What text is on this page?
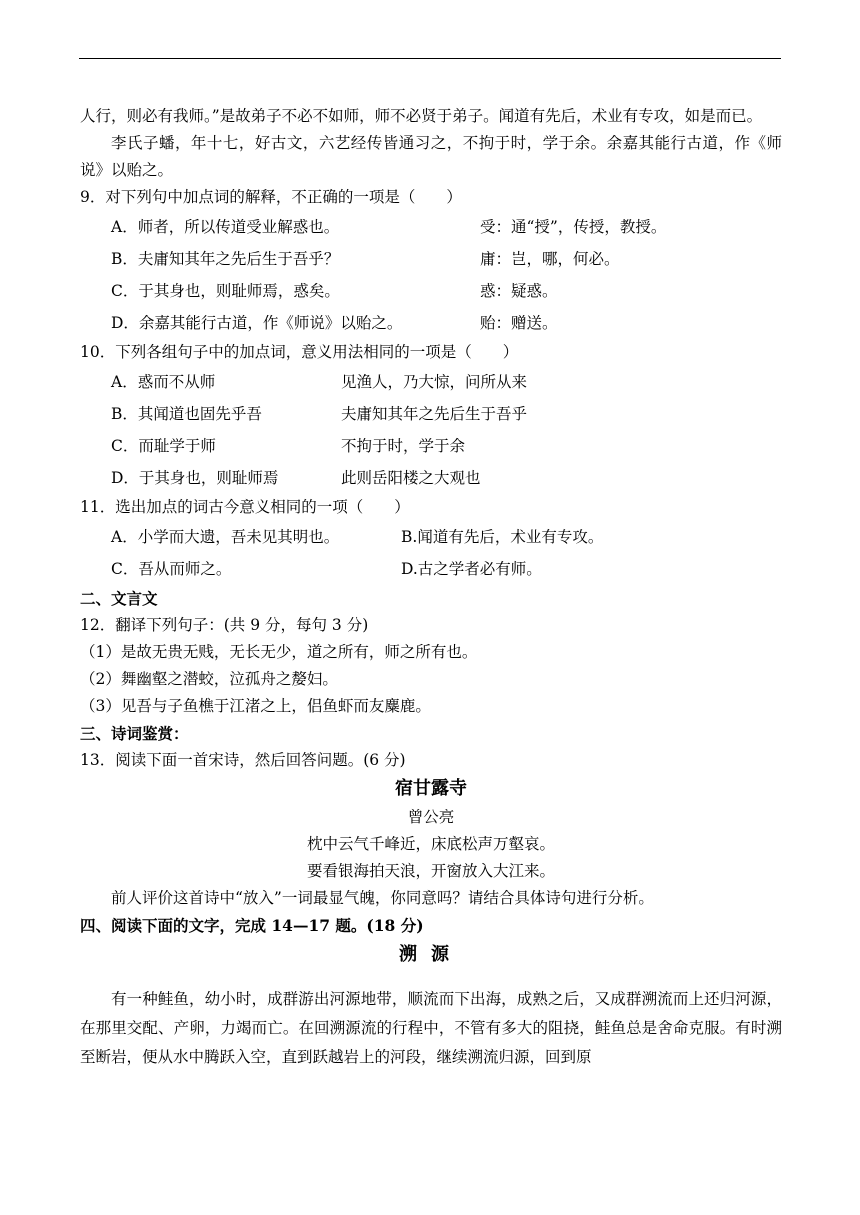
人行，则必有我师。”是故弟子不必不如师，师不必贤于弟子。闻道有先后，术业有专攻，如是而已。

李氏子蟠，年十七，好古文，六艺经传皆通习之，不拘于时，学于余。余嘉其能行古道，作《师说》以贻之。

9．对下列句中加点词的解释，不正确的一项是（　　）
A．师者，所以传道受业解惑也。	受：通“授”，传授，教授。
B．夫庸知其年之先后生于吾乎？	庸：岂，哪，何必。
C．于其身也，则耻师焉，惑矣。	惑：疑惑。
D．余嘉其能行古道，作《师说》以贻之。	贻：赠送。
10．下列各组句子中的加点词，意义用法相同的一项是（　　）
A．惑而不从师	见渔人，乃大惊，问所从来
B．其闻道也固先乎吾	夫庸知其年之先后生于吾乎
C．而耻学于师	不拘于时，学于余
D．于其身也，则耻师焉	此则岳阳楼之大观也
11．选出加点的词古今意义相同的一项（　　）
A．小学而大遗，吾未见其明也。	B.闻道有先后，术业有专攻。
C．吾从而师之。	D.古之学者必有师。
二、文言文
12．翻译下列句子：(共 9 分，每句 3 分)
（1）是故无贵无贱，无长无少，道之所有，师之所有也。
（2）舞幽壑之潜蛟，泣孤舟之嫠妇。
（3）见吾与子鱼樵于江渚之上，侣鱼虾而友麋鹿。
三、诗词鉴赏：
13．阅读下面一首宋诗，然后回答问题。(6 分)
宿甘露寺
曾公亮
枕中云气千峰近，床底松声万壑哀。
要看银海拍天浪，开窗放入大江来。
前人评价这首诗中“放入”一词最显气魄，你同意吗？请结合具体诗句进行分析。
四、阅读下面的文字，完成 14—17 题。(18 分)
溯源

有一种鲑鱼，幼小时，成群游出河源地带，顺流而下出海，成熟之后，又成群溯流而上还归河源，在那里交配、产卵，力竭而亡。在回溯源流的行程中，不管有多大的阻挠，鲑鱼总是舍命克服。有时溯至断岩，便从水中腾跃入空，直到跃越岩上的河段，继续溯流归源，回到原
